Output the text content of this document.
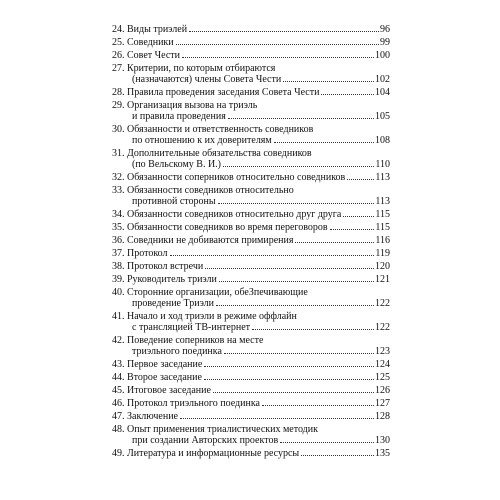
24. Виды триэлей	96
25. Соведники	99
26. Совет Чести	100
27. Критерии, по которым отбираются
(назначаются) члены Совета Чести	102
28. Правила проведения заседания Совета Чести	104
29. Организация вызова на триэль
и правила проведения	105
30. Обязанности и ответственность соведников
по отношению к их доверителям	108
31. Дополнительные обязательства соведников
(по Вельскому В. И.)	110
32. Обязанности соперников относительно соведников	113
33. Обязанности соведников относительно
противной стороны	113
34. Обязанности соведников относительно друг друга	115
35. Обязанности соведников во время переговоров	115
36. Соведники не добиваются примирения	116
37. Протокол	119
38. Протокол встречи	120
39. Руководитель триэли	121
40. Сторонние организации, обеЗпечивающие
проведение Триэли	122
41. Начало и ход триэли в режиме оффлайн
с трансляцией ТВ-интернет	122
42. Поведение соперников на месте
триэльного поединка	123
43. Первое заседание	124
44. Второе заседание	125
45. Итоговое заседание	126
46. Протокол триэльного поединка	127
47. Заключение	128
48. Опыт применения триалистических методик
при создании Авторских проектов	130
49. Литература и информационные ресурсы	135
